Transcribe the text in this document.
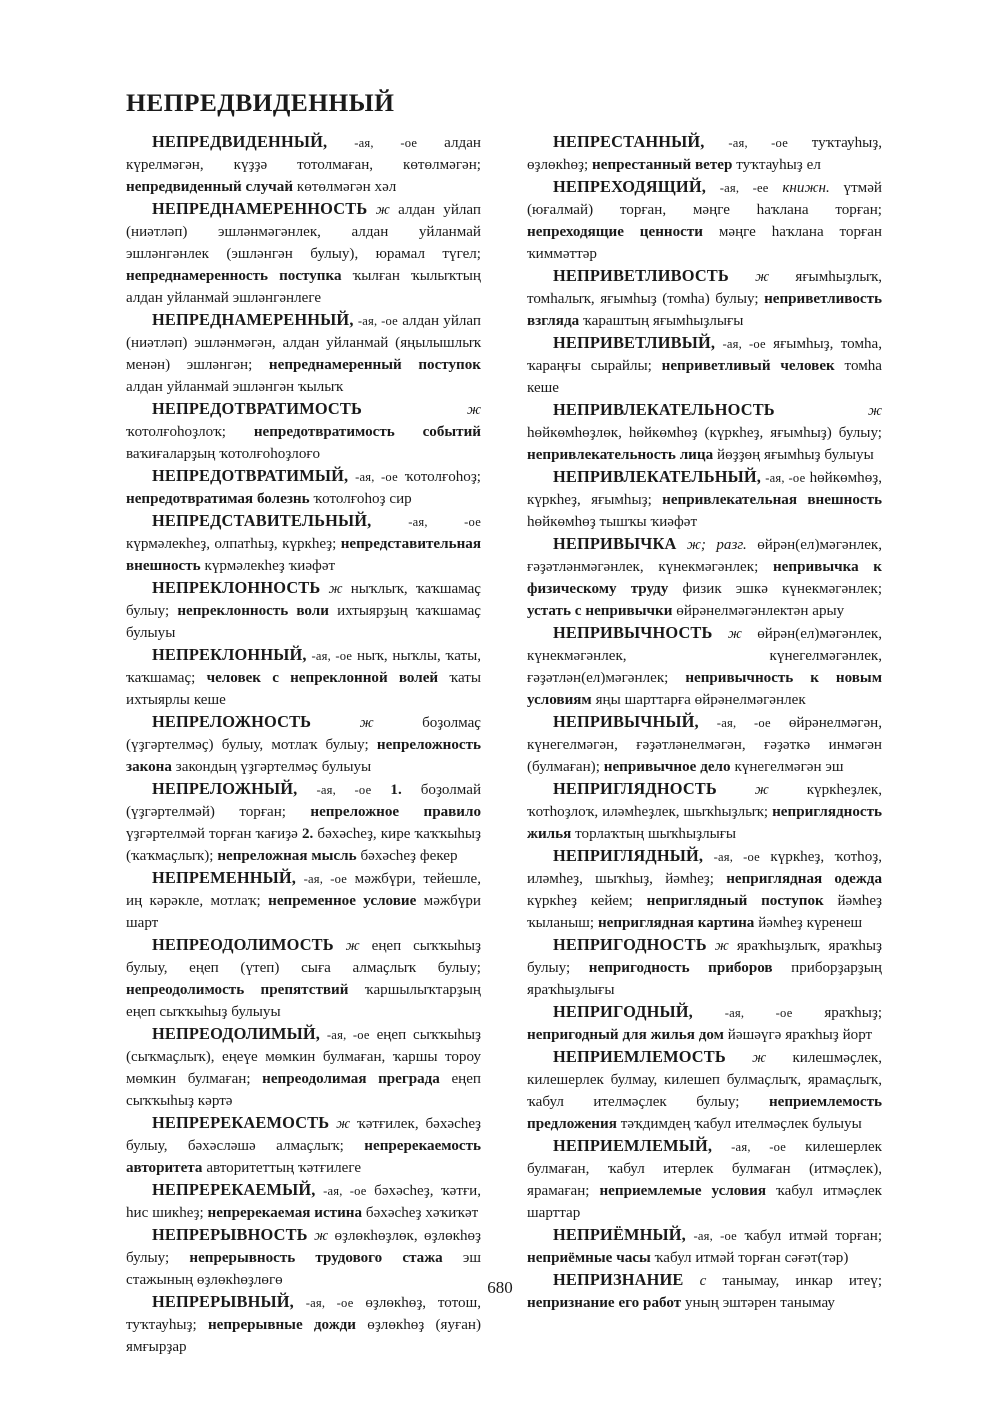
НЕПРЕДВИДЕННЫЙ

НЕПРЕДВИДЕННЫЙ, -ая, -ое алдан күрелмәгән, күҙҙә тотолмаған, көтөлмәгән; непредвиденный случай көтөлмәгән хәл

НЕПРЕДНАМЕРЕННОСТЬ ж алдан уйлап (ниәтләп) эшләнмәгәнлек, алдан уйланмай эшләнгәнлек (эшләнгән булыу), юрамал түгел; непреднамеренность поступка ҡылған ҡылыҡтың алдан уйланмай эшләнгәнлеге

НЕПРЕДНАМЕРЕННЫЙ, -ая, -ое алдан уйлап (ниәтләп) эшләнмәгән, алдан уйланмай (яңылышлыҡ менән) эшләнгән; непреднамеренный поступок алдан уйланмай эшләнгән ҡылыҡ

НЕПРЕДОТВРАТИМОСТЬ	ж ҡотолғоһоҙлоҡ; непредотвратимость событий ваҡиғаларҙың ҡотолғоһоҙлоғо

НЕПРЕДОТВРАТИМЫЙ, -ая, -ое ҡотолғоһоҙ; непредотвратимая болезнь ҡотолғоһоҙ сир

НЕПРЕДСТАВИТЕЛЬНЫЙ,	-ая, -ое күрмәлекһеҙ, олпатһыҙ, күркһеҙ; непредставительная внешность күрмәлекһеҙ ҡиәфәт

НЕПРЕКЛОННОСТЬ ж ныҡлыҡ, ҡаҡшамаҫ булыу; непреклонность воли ихтыярҙың ҡаҡшамаҫ булыуы

НЕПРЕКЛОННЫЙ, -ая, -ое ныҡ, ныҡлы, ҡаты, ҡаҡшамаҫ; человек с непреклонной волей ҡаты ихтыярлы кеше

НЕПРЕЛОЖНОСТЬ	ж	боҙолмаҫ (үҙгәртелмәҫ) булыу, мотлаҡ булыу; непреложность закона закондың үҙгәртелмәҫ булыуы

НЕПРЕЛОЖНЫЙ, -ая, -ое 1. боҙолмай (үҙгәртелмәй) торған; непреложное правило үҙгәртелмәй торған ҡағиҙә 2. бәхәсһеҙ, кире ҡаҡҡыһыҙ (ҡаҡмаҫлыҡ); непреложная мысль бәхәсһеҙ фекер

НЕПРЕМЕННЫЙ, -ая, -ое мәжбүри, тейешле, иң кәрәкле, мотлаҡ; непременное условие мәжбүри шарт

НЕПРЕОДОЛИМОСТЬ ж еңеп сыҡҡыһыҙ булыу, еңеп (үтеп) сыға алмаҫлыҡ булыу; непреодолимость препятствий ҡаршылыҡтарҙың еңеп сыҡҡыһыҙ булыуы

НЕПРЕОДОЛИМЫЙ, -ая, -ое еңеп сыҡҡыһыҙ (сыҡмаҫлыҡ), еңеүе мөмкин булмаған, ҡаршы тороу мөмкин булмаған; непреодолимая преграда еңеп сыҡҡыһыҙ кәртә

НЕПРЕРЕКАЕМОСТЬ ж ҡәтғилек, бәхәсһеҙ булыу, бәхәсләшә алмаҫлыҡ; непререкаемость авторитета авторитеттың ҡәтғилеге

НЕПРЕРЕКАЕМЫЙ, -ая, -ое бәхәсһеҙ, ҡәтғи, һис шикһеҙ; непререкаемая истина бәхәсһеҙ хәҡиҡәт

НЕПРЕРЫВНОСТЬ ж өҙлөкһөҙлөк, өҙлөкһөҙ булыу; непрерывность трудового стажа эш стажының өҙлөкһөҙлөгө

НЕПРЕРЫВНЫЙ, -ая, -ое өҙлөкһөҙ, тотош, туҡтауһыҙ; непрерывные дожди өҙлөкһөҙ (яуған) ямғырҙар

НЕПРЕСТАННЫЙ, -ая, -ое туҡтауһыҙ, өҙлөкһөҙ; непрестанный ветер туҡтауһыҙ ел

НЕПРЕХОДЯЩИЙ, -ая, -ее книжн. үтмәй (юғалмай) торған, мәңге һаҡлана торған; непреходящие ценности мәңге һаҡлана торған ҡиммәттәр

НЕПРИВЕТЛИВОСТЬ ж яғымһыҙлыҡ, томһалыҡ, яғымһыҙ (томһа) булыу; неприветливость взгляда ҡараштың яғымһыҙлығы

НЕПРИВЕТЛИВЫЙ, -ая, -ое яғымһыҙ, томһа, ҡараңғы сырайлы; неприветливый человек томһа кеше

НЕПРИВЛЕКАТЕЛЬНОСТЬ	ж һөйкөмһөҙлөк, һөйкөмһөҙ (күркһеҙ, яғымһыҙ) булыу; непривлекательность лица йөҙҙөң яғымһыҙ булыуы

НЕПРИВЛЕКАТЕЛЬНЫЙ, -ая, -ое һөйкөмһөҙ, күркһеҙ, яғымһыҙ; непривлекательная внешность һөйкөмһөҙ тышҡы ҡиәфәт

НЕПРИВЫЧКА ж; разг. өйрән(ел)мәгәнлек, ғәҙәтләнмәгәнлек, күнекмәгәнлек; непривычка к физическому труду физик эшкә күнекмәгәнлек; устать с непривычки өйрәнелмәгәнлектән арыу

НЕПРИВЫЧНОСТЬ ж өйрән(ел)мәгәнлек, күнекмәгәнлек, күнегелмәгәнлек, ғәҙәтлән(ел)мәгәнлек; непривычность к новым условиям яңы шарттарға өйрәнелмәгәнлек

НЕПРИВЫЧНЫЙ, -ая, -ое өйрәнелмәгән, күнегелмәгән, ғәҙәтләнелмәгән, ғәҙәткә инмәгән (булмаған); непривычное дело күнегелмәгән эш

НЕПРИГЛЯДНОСТЬ	ж	күркһеҙлек, ҡотһоҙлоҡ, иләмһеҙлек, шыҡһыҙлыҡ; неприглядность жилья торлаҡтың шыҡһыҙлығы

НЕПРИГЛЯДНЫЙ, -ая, -ое күркһеҙ, ҡотһоҙ, иләмһеҙ, шыҡһыҙ, йәмһеҙ; неприглядная одежда күркһеҙ кейем; неприглядный поступок йәмһеҙ ҡыланыш; неприглядная картина йәмһеҙ күренеш

НЕПРИГОДНОСТЬ ж яраҡһыҙлыҡ, яраҡһыҙ булыу; непригодность приборов приборҙарҙың яраҡһыҙлығы

НЕПРИГОДНЫЙ,	-ая, -ое яраҡһыҙ; непригодный для жилья дом йәшәүгә яраҡһыҙ йорт

НЕПРИЕМЛЕМОСТЬ ж килешмәҫлек, килешерлек булмау, килешеп булмаҫлыҡ, ярамаҫлыҡ, ҡабул ителмәҫлек булыу; неприемлемость предложения тәҡдимдең ҡабул ителмәҫлек булыуы

НЕПРИЕМЛЕМЫЙ, -ая, -ое килешерлек булмаған, ҡабул итерлек булмаған (итмәҫлек), ярамаған; неприемлемые условия ҡабул итмәҫлек шарттар

НЕПРИЁМНЫЙ, -ая, -ое ҡабул итмәй торған; неприёмные часы ҡабул итмәй торған сәғәт(тәр)

НЕПРИЗНАНИЕ с танымау, инкар итеү; непризнание его работ уның эштәрен танымау

680
